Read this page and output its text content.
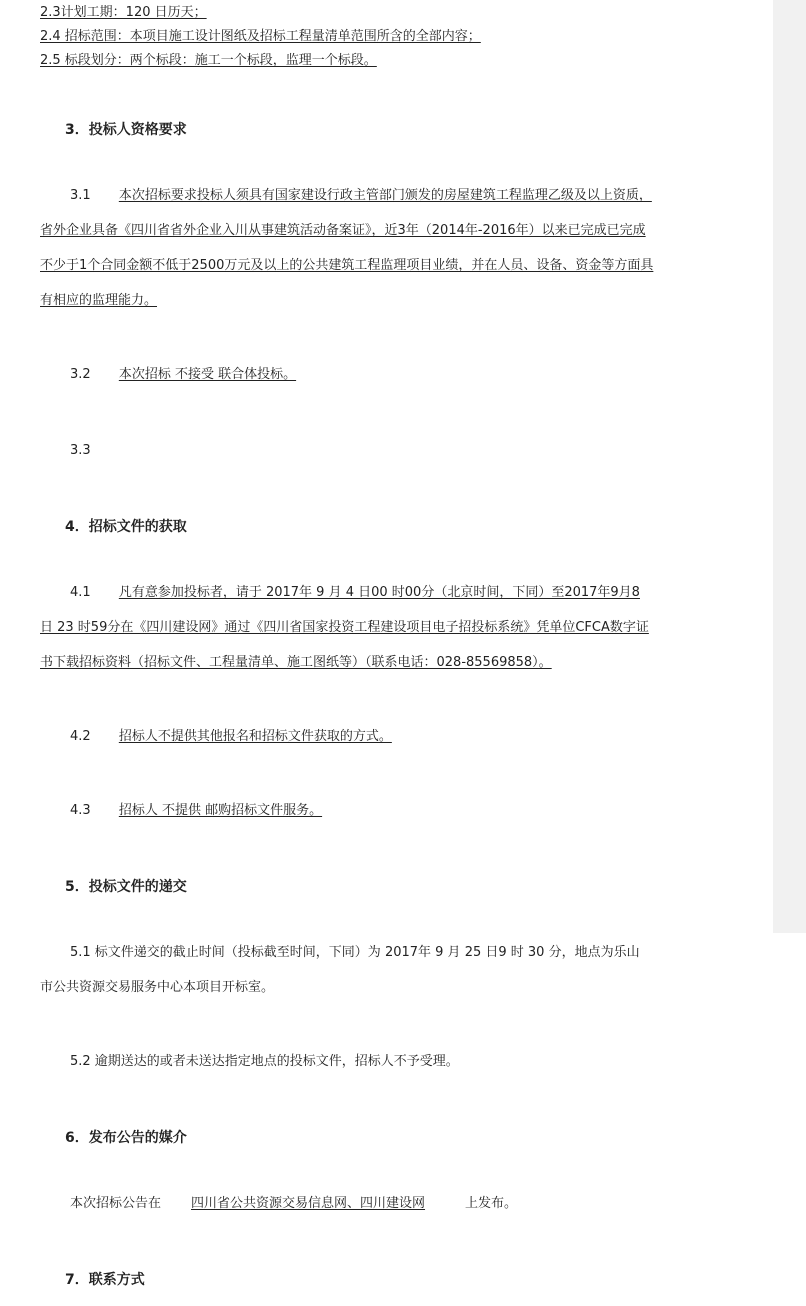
2.3计划工期：120 日历天；

2.4 招标范围：本项目施工设计图纸及招标工程量清单范围所含的全部内容；

2.5 标段划分：两个标段：施工一个标段，监理一个标段。

3．投标人资格要求

3.1 本次招标要求投标人须具有国家建设行政主管部门颁发的房屋建筑工程监理乙级及以上资质，

省外企业具备《四川省省外企业入川从事建筑活动备案证》，近3年（2014年-2016年）以来已完成已完成

不少于1个合同金额不低于2500万元及以上的公共建筑工程监理项目业绩，并在人员、设备、资金等方面具

有相应的监理能力。

3.2 本次招标 不接受 联合体投标。

3.3

4．招标文件的获取

4.1 凡有意参加投标者，请于 2017年 9 月 4 日00 时00分（北京时间，下同）至2017年9月8

日 23 时59分在《四川建设网》通过《四川省国家投资工程建设项目电子招投标系统》凭单位CFCA数字证

书下载招标资料（招标文件、工程量清单、施工图纸等）（联系电话：028-85569858）。

4.2 招标人不提供其他报名和招标文件获取的方式。

4.3 招标人 不提供 邮购招标文件服务。

5．投标文件的递交

5.1 标文件递交的截止时间（投标截至时间，下同）为 2017年 9 月 25 日9 时 30 分，地点为乐山

市公共资源交易服务中心本项目开标室。

5.2 逾期送达的或者未送达指定地点的投标文件，招标人不予受理。

6．发布公告的媒介

本次招标公告在 四川省公共资源交易信息网、四川建设网	上发布。

7．联系方式
